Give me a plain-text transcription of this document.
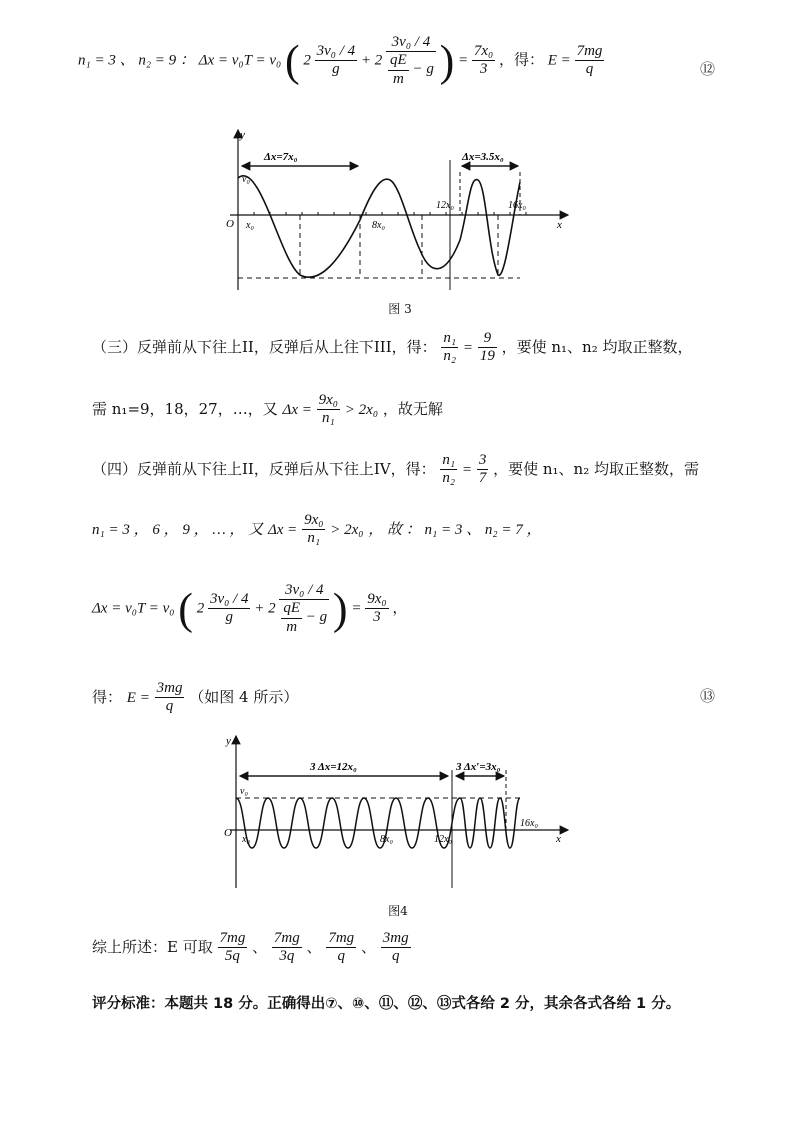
n₁ = 3 、 n₂ = 9 ： Δx = v₀T = v₀ ( $2 \frac{\text{3v₀ / 4}}{g} + 2 \frac{\text{3v₀ / 4}}{\frac{qE}{m} - g}$ ) = $\frac{\text{7x₀}}{3}$ ，得： $E = \frac{7mg}{q}$	⑫
y
x
O
v₀
x₀	8x₀
12x₀	16x₀
Δx=7x₀	Δx=3.5x₀
图 3
（三）反弹前从下往上II，反弹后从上往下III，得： $\frac{\text{n₁}}{\text{n₂}} = \frac{9}{19}$ ，要使 n₁、n₂ 均取正整数，
需 n₁=9，18，27，…，又 $\Delta x = \frac{\text{9x₀}}{\text{n₁}} > 2x_0$ ，故无解
（四）反弹前从下往上II，反弹后从下往上IV，得： $\frac{\text{n₁}}{\text{n₂}} = \frac{3}{7}$ ，要使 n₁、n₂ 均取正整数，需
n₁ = 3 ， 6 ， 9 ， … ， 又 $\Delta x = \frac{\text{9x₀}}{\text{n₁}} > 2x_0$ ， 故 ： n₁ = 3 、 n₂ = 7 ，
Δx = v₀T = v₀ ( $2 \frac{\text{3v₀ / 4}}{g} + 2 \frac{\text{3v₀ / 4}}{\frac{qE}{m} - g}$ ) = $\frac{\text{9x₀}}{3}$ ，
得： $E = \frac{3mg}{q}$ （如图 4 所示）	⑬
y
x
O
v₀
x₀	8x₀	12x₀
16x₀
3 Δx=12x₀	3 Δx′=3x₀
图4
综上所述：E 可取 $\frac{7mg}{5q}$ 、 $\frac{7mg}{3q}$ 、 $\frac{7mg}{q}$ 、 $\frac{3mg}{q}$
评分标准：本题共 18 分。正确得出⑦、⑩、⑪、⑫、⑬式各给 2 分，其余各式各给 1 分。
